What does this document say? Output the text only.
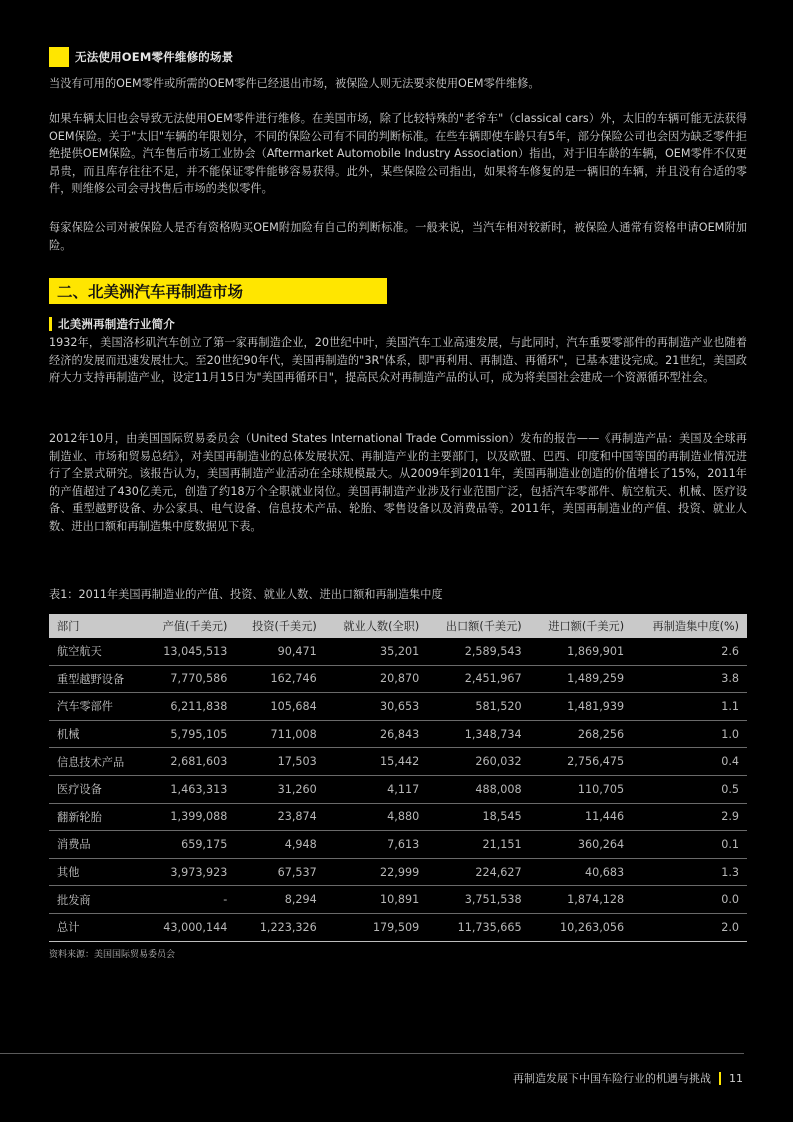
无法使用OEM零件维修的场景

当没有可用的OEM零件或所需的OEM零件已经退出市场，被保险人则无法要求使用OEM零件维修。

如果车辆太旧也会导致无法使用OEM零件进行维修。在美国市场，除了比较特殊的"老爷车"（classical cars）外，太旧的车辆可能无法获得OEM保险。关于"太旧"车辆的年限划分，不同的保险公司有不同的判断标准。在些车辆即使车龄只有5年，部分保险公司也会因为缺乏零件拒绝提供OEM保险。汽车售后市场工业协会（Aftermarket Automobile Industry Association）指出，对于旧车龄的车辆，OEM零件不仅更昂贵，而且库存往往不足，并不能保证零件能够容易获得。此外，某些保险公司指出，如果将车修复的是一辆旧的车辆，并且没有合适的零件，则维修公司会寻找售后市场的类似零件。

每家保险公司对被保险人是否有资格购买OEM附加险有自己的判断标准。一般来说，当汽车相对较新时，被保险人通常有资格申请OEM附加险。

二、北美洲汽车再制造市场
北美洲再制造行业简介

1932年，美国洛杉矶汽车创立了第一家再制造企业，20世纪中叶，美国汽车工业高速发展，与此同时，汽车重要零部件的再制造产业也随着经济的发展而迅速发展壮大。至20世纪90年代，美国再制造的"3R"体系，即"再利用、再制造、再循环"，已基本建设完成。21世纪，美国政府大力支持再制造产业，设定11月15日为"美国再循环日"，提高民众对再制造产品的认可，成为将美国社会建成一个资源循环型社会。

2012年10月，由美国国际贸易委员会（United States International Trade Commission）发布的报告——《再制造产品：美国及全球再制造业、市场和贸易总结》，对美国再制造业的总体发展状况、再制造产业的主要部门，以及欧盟、巴西、印度和中国等国的再制造业情况进行了全景式研究。该报告认为，美国再制造产业活动在全球规模最大。从2009年到2011年，美国再制造业创造的价值增长了15%，2011年的产值超过了430亿美元，创造了约18万个全职就业岗位。美国再制造产业涉及行业范围广泛，包括汽车零部件、航空航天、机械、医疗设备、重型越野设备、办公家具、电气设备、信息技术产品、轮胎、零售设备以及消费品等。2011年，美国再制造业的产值、投资、就业人数、进出口额和再制造集中度数据见下表。

表1：2011年美国再制造业的产值、投资、就业人数、进出口额和再制造集中度
部门	产值(千美元)	投资(千美元)	就业人数(全职)	出口额(千美元)	进口额(千美元)	再制造集中度(%)
航空航天	13,045,513	90,471	35,201	2,589,543	1,869,901	2.6
重型越野设备	7,770,586	162,746	20,870	2,451,967	1,489,259	3.8
汽车零部件	6,211,838	105,684	30,653	581,520	1,481,939	1.1
机械	5,795,105	711,008	26,843	1,348,734	268,256	1.0
信息技术产品	2,681,603	17,503	15,442	260,032	2,756,475	0.4
医疗设备	1,463,313	31,260	4,117	488,008	110,705	0.5
翻新轮胎	1,399,088	23,874	4,880	18,545	11,446	2.9
消费品	659,175	4,948	7,613	21,151	360,264	0.1
其他	3,973,923	67,537	22,999	224,627	40,683	1.3
批发商	-	8,294	10,891	3,751,538	1,874,128	0.0
总计	43,000,144	1,223,326	179,509	11,735,665	10,263,056	2.0
资料来源：美国国际贸易委员会
再制造发展下中国车险行业的机遇与挑战 11
